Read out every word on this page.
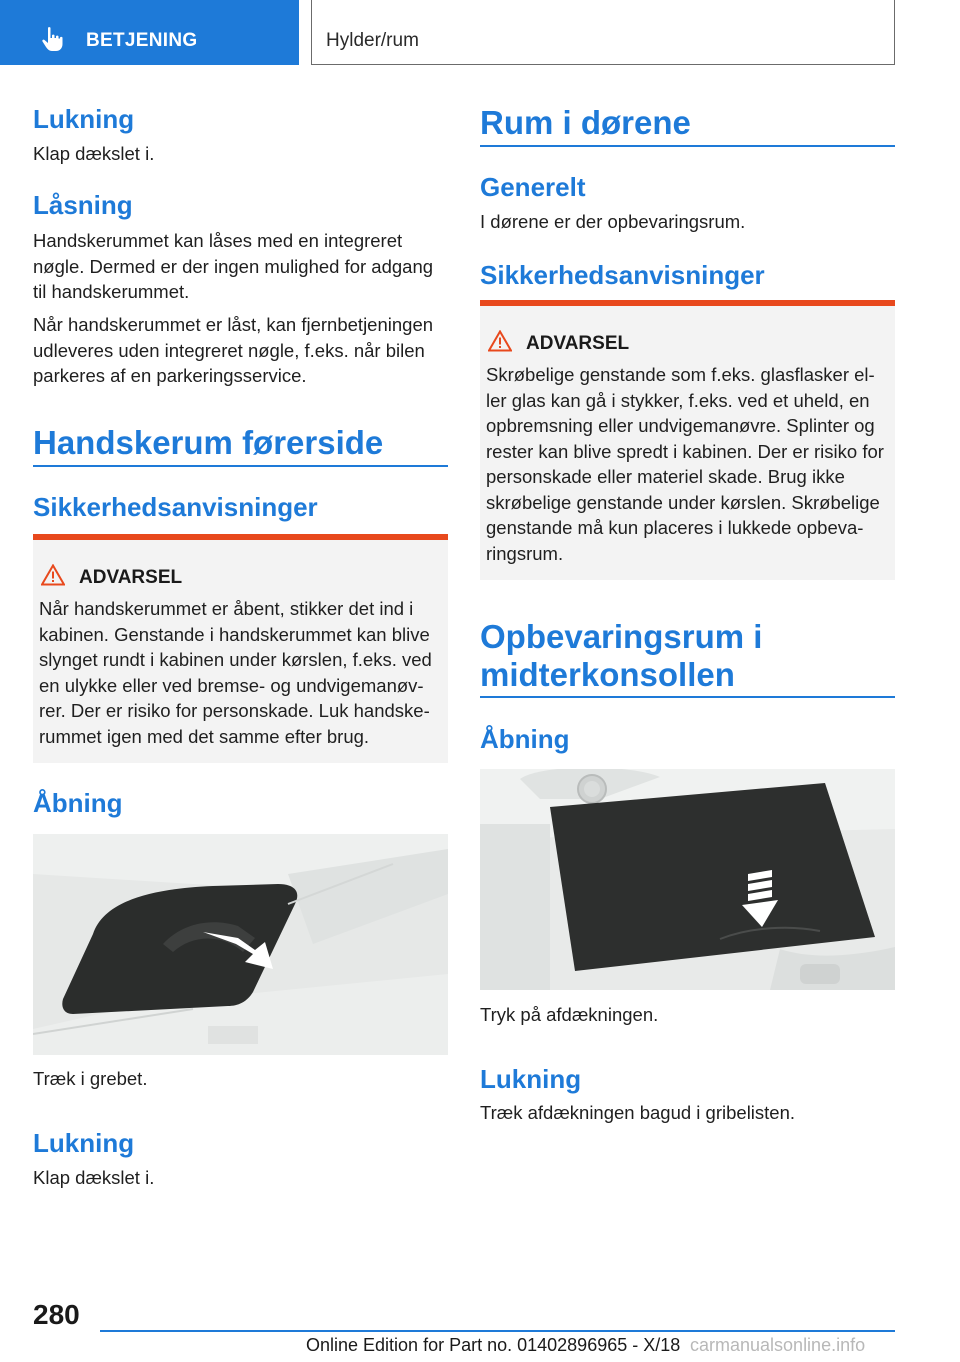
BETJENING	Hylder/rum
Lukning
Klap dækslet i.
Låsning
Handskerummet kan låses med en integreret nøgle. Dermed er der ingen mulighed for adgang til handskerummet.
Når handskerummet er låst, kan fjernbetjeningen udleveres uden integreret nøgle, f.eks. når bilen parkeres af en parkeringsservice.
Handskerum førerside
Sikkerhedsanvisninger
ADVARSEL
Når handskerummet er åbent, stikker det ind i kabinen. Genstande i handskerummet kan blive slynget rundt i kabinen under kørslen, f.eks. ved en ulykke eller ved bremse- og undvigemanøv-rer. Der er risiko for personskade. Luk handske-rummet igen med det samme efter brug.
Åbning
Træk i grebet.
Lukning
Klap dækslet i.
Rum i dørene
Generelt
I dørene er der opbevaringsrum.
Sikkerhedsanvisninger
ADVARSEL
Skrøbelige genstande som f.eks. glasflasker el-ler glas kan gå i stykker, f.eks. ved et uheld, en opbremsning eller undvigemanøvre. Splinter og rester kan blive spredt i kabinen. Der er risiko for personskade eller materiel skade. Brug ikke skrøbelige genstande under kørslen. Skrøbelige genstande må kun placeres i lukkede opbeva-ringsrum.
Opbevaringsrum i midterkonsollen
Åbning
Tryk på afdækningen.
Lukning
Træk afdækningen bagud i gribelisten.
280
Online Edition for Part no. 01402896965 - X/18 carmanualsonline.info
